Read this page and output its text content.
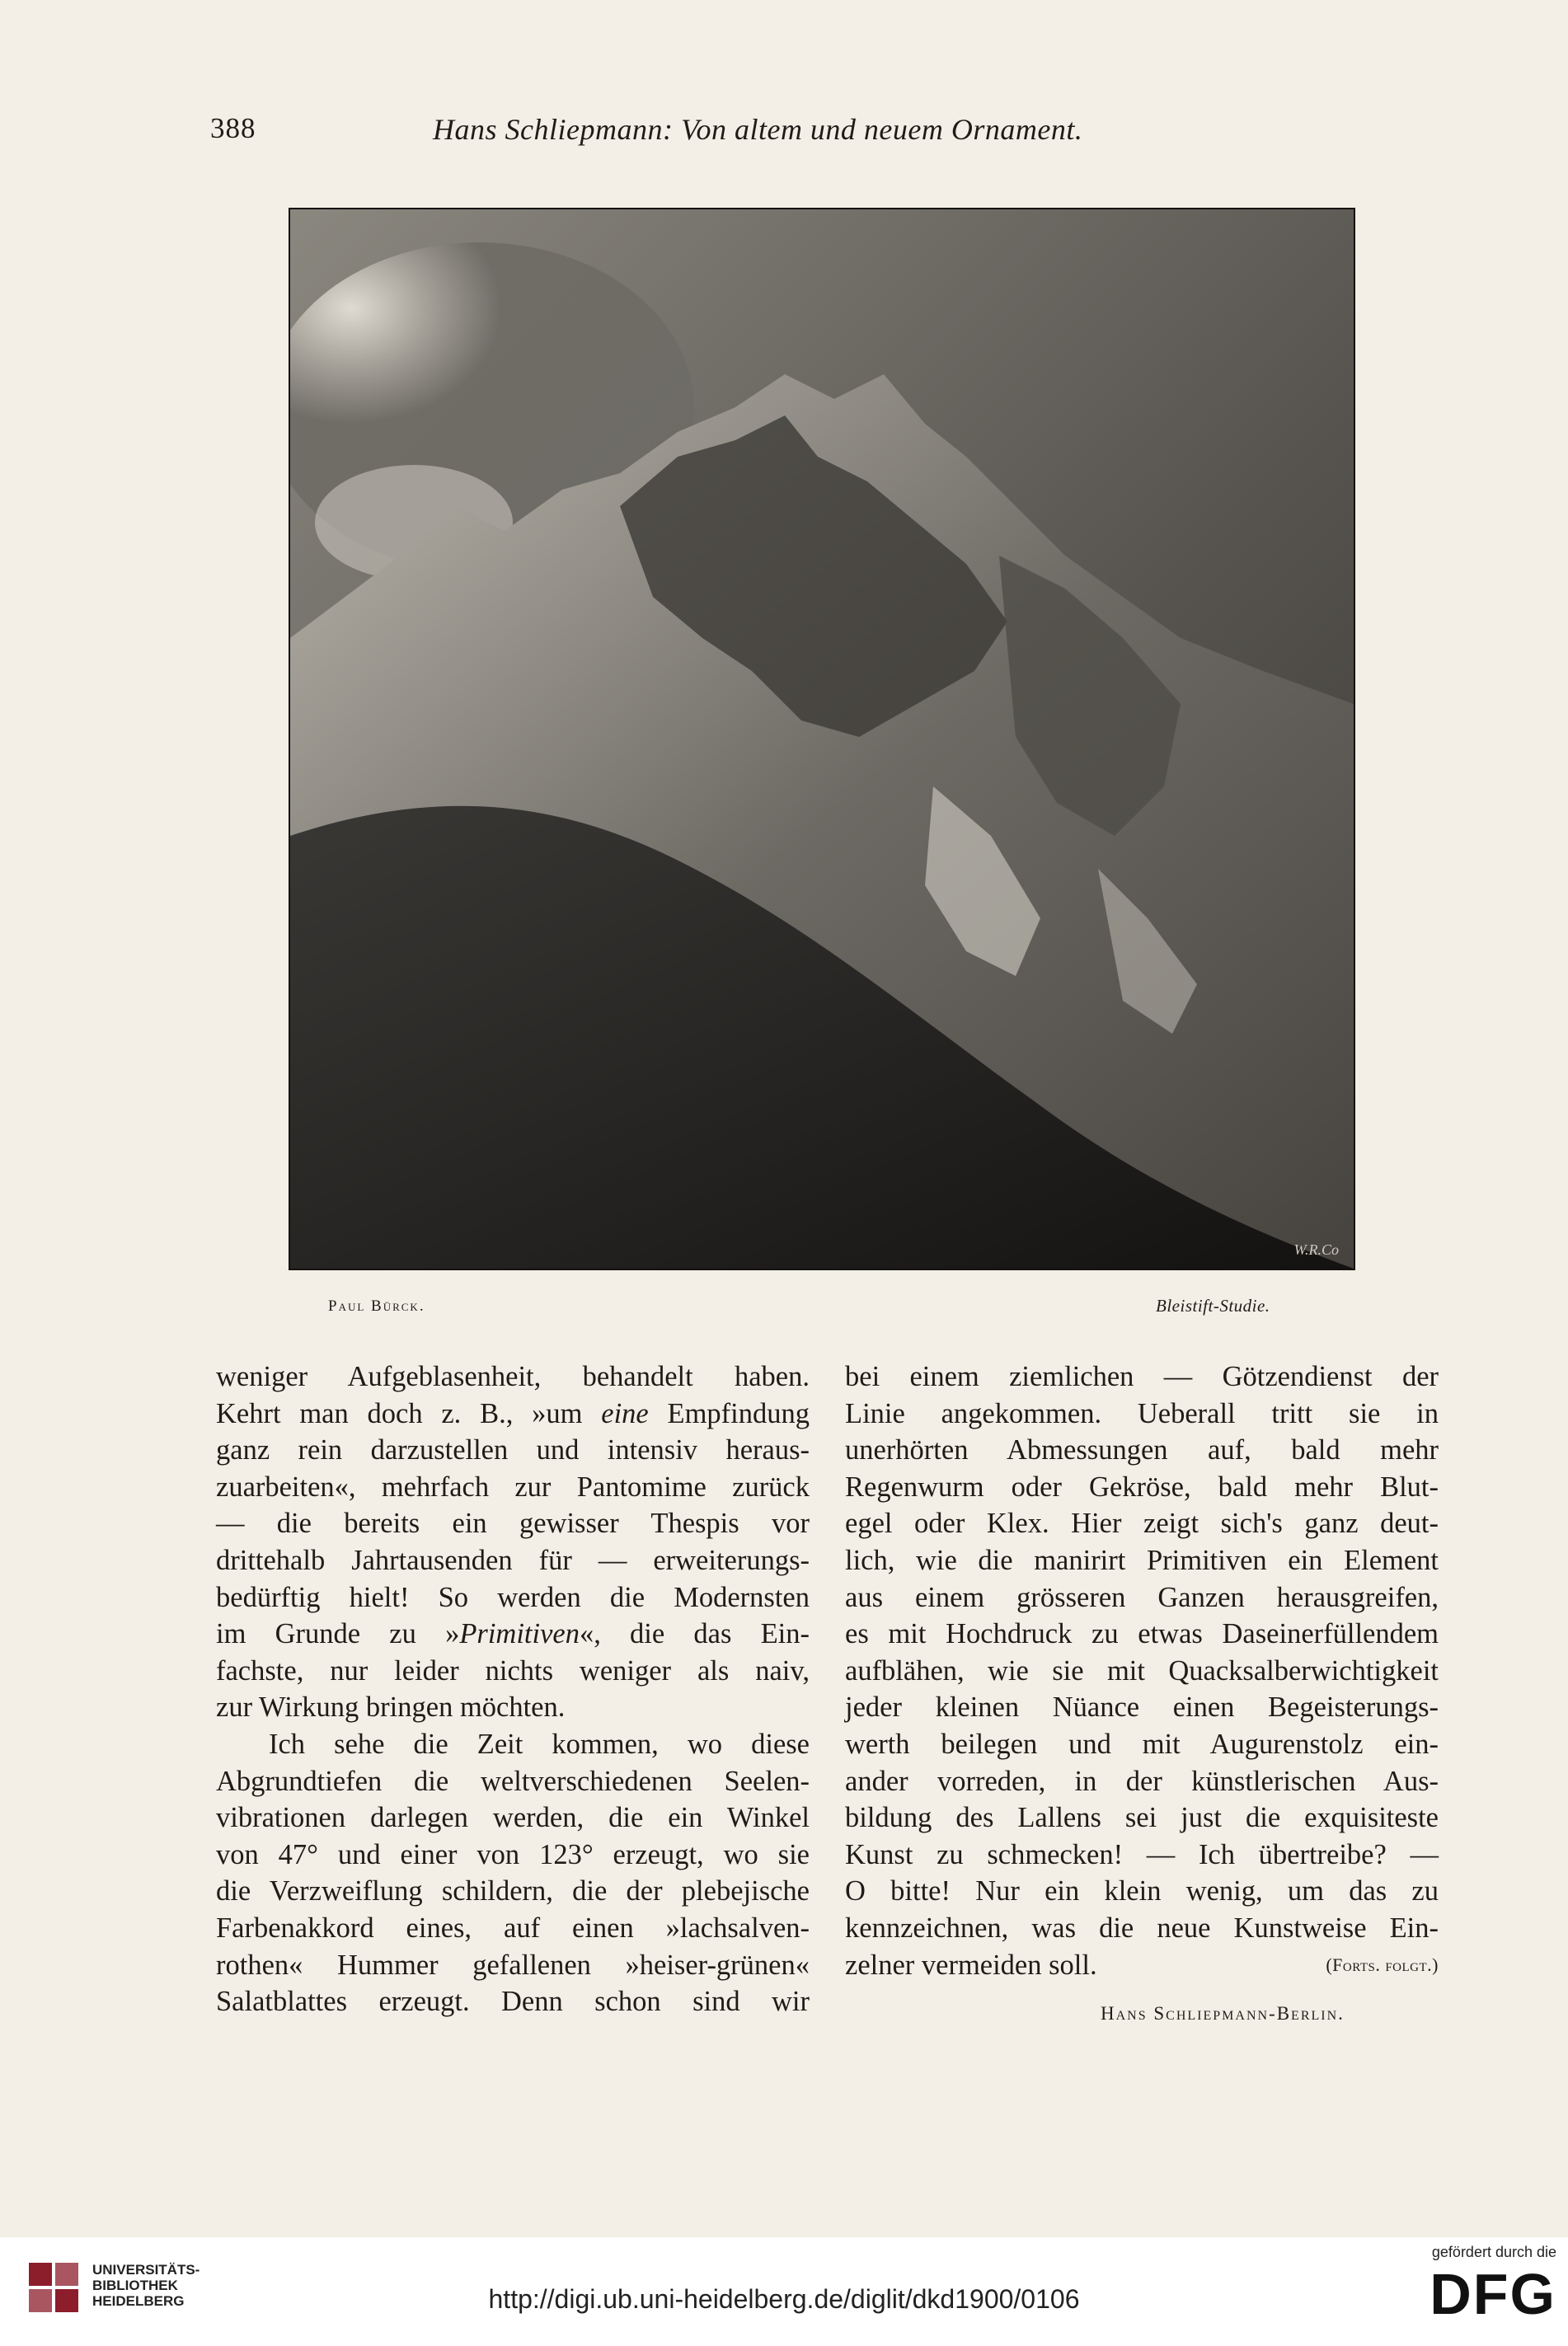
388	Hans Schliepmann: Von altem und neuem Ornament.
W.R.Co
Paul Bürck.	Bleistift-Studie.
weniger Aufgeblasenheit, behandelt haben.
Kehrt man doch z. B., »um eine Empfindung
ganz rein darzustellen und intensiv heraus-
zuarbeiten«, mehrfach zur Pantomime zurück
— die bereits ein gewisser Thespis vor
drittehalb Jahrtausenden für — erweiterungs-
bedürftig hielt! So werden die Modernsten
im Grunde zu »Primitiven«, die das Ein-
fachste, nur leider nichts weniger als naiv,
zur Wirkung bringen möchten.
Ich sehe die Zeit kommen, wo diese
Abgrundtiefen die weltverschiedenen Seelen-
vibrationen darlegen werden, die ein Winkel
von 47° und einer von 123° erzeugt, wo sie
die Verzweiflung schildern, die der plebejische
Farbenakkord eines, auf einen »lachsalven-
rothen« Hummer gefallenen »heiser-grünen«
Salatblattes erzeugt. Denn schon sind wir
bei einem ziemlichen — Götzendienst der
Linie angekommen. Ueberall tritt sie in
unerhörten Abmessungen auf, bald mehr
Regenwurm oder Gekröse, bald mehr Blut-
egel oder Klex. Hier zeigt sich's ganz deut-
lich, wie die manirirt Primitiven ein Element
aus einem grösseren Ganzen herausgreifen,
es mit Hochdruck zu etwas Daseinerfüllendem
aufblähen, wie sie mit Quacksalberwichtigkeit
jeder kleinen Nüance einen Begeisterungs-
werth beilegen und mit Augurenstolz ein-
ander vorreden, in der künstlerischen Aus-
bildung des Lallens sei just die exquisiteste
Kunst zu schmecken! — Ich übertreibe? —
O bitte! Nur ein klein wenig, um das zu
kennzeichnen, was die neue Kunstweise Ein-
zelner vermeiden soll.	(Forts. folgt.)
Hans Schliepmann-Berlin.
UNIVERSITÄTS-
BIBLIOTHEK
HEIDELBERG	http://digi.ub.uni-heidelberg.de/diglit/dkd1900/0106
gefördert durch die
DFG
